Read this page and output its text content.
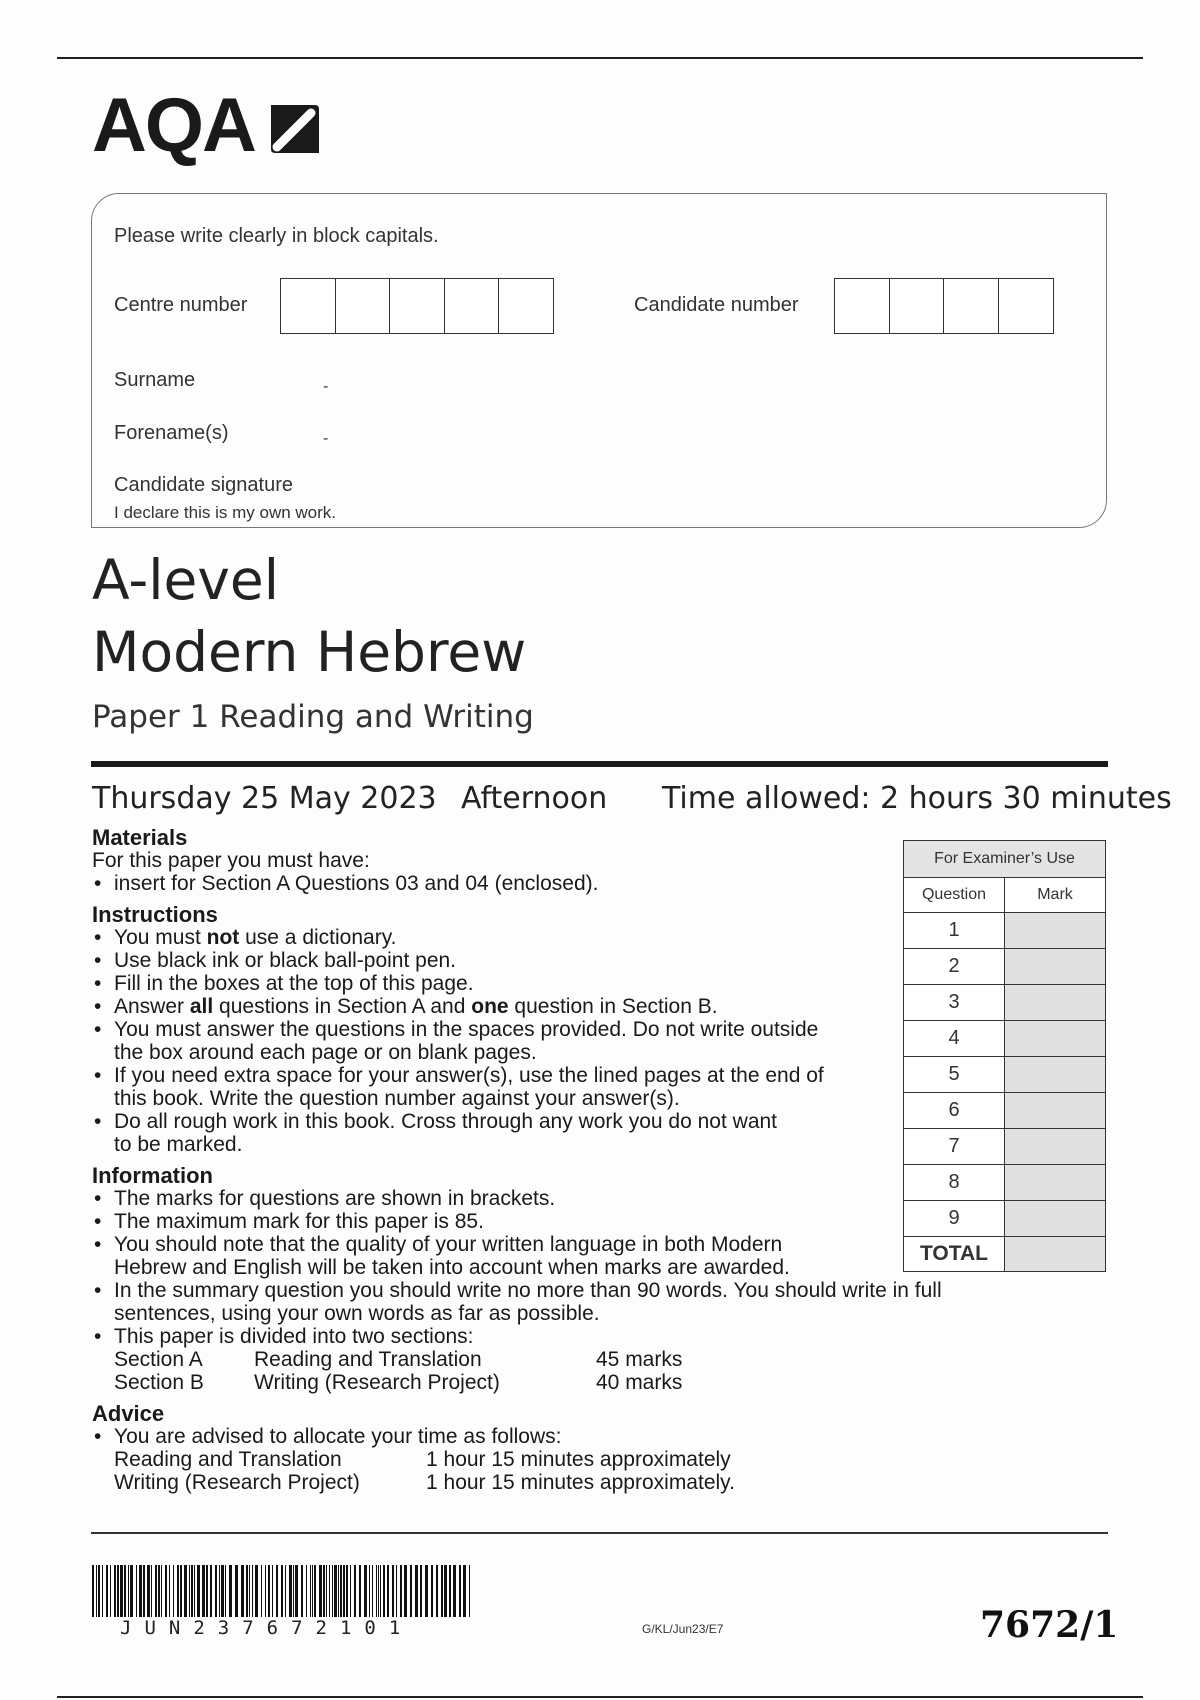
AQA
Please write clearly in block capitals.
Centre number	Candidate number
Surname	-
Forename(s)	-
Candidate signature
I declare this is my own work.
A-level
Modern Hebrew
Paper 1 Reading and Writing
Thursday 25 May 2023 Afternoon Time allowed: 2 hours 30 minutes
Materials
For this paper you must have:
• insert for Section A Questions 03 and 04 (enclosed).
Instructions
• You must not use a dictionary.
• Use black ink or black ball-point pen.
• Fill in the boxes at the top of this page.
• Answer all questions in Section A and one question in Section B.
• You must answer the questions in the spaces provided. Do not write outside
the box around each page or on blank pages.
• If you need extra space for your answer(s), use the lined pages at the end of
this book. Write the question number against your answer(s).
• Do all rough work in this book. Cross through any work you do not want
to be marked.
Information
• The marks for questions are shown in brackets.
• The maximum mark for this paper is 85.
• You should note that the quality of your written language in both Modern
Hebrew and English will be taken into account when marks are awarded.
• In the summary question you should write no more than 90 words. You should write in full
sentences, using your own words as far as possible.
• This paper is divided into two sections:
Section A	Reading and Translation	45 marks
Section B	Writing (Research Project)	40 marks
Advice
• You are advised to allocate your time as follows:
Reading and Translation	1 hour 15 minutes approximately
Writing (Research Project)	1 hour 15 minutes approximately.
For Examiner’s Use	
Question	Mark
1	
2	
3	
4	
5	
6	
7	
8	
9	
TOTAL	
JUN237672101	G/KL/Jun23/E7	7672/1
